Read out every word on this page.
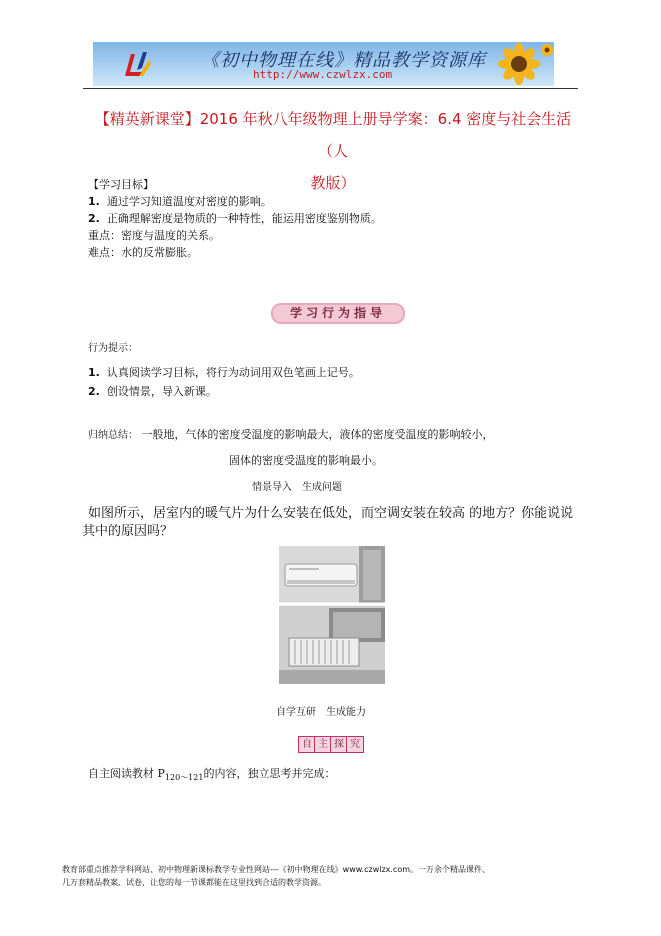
《初中物理在线》精品教学资源库
http://www.czwlzx.com
【精英新课堂】2016 年秋八年级物理上册导学案：6.4 密度与社会生活（人
教版）
【学习目标】
1. 通过学习知道温度对密度的影响。
2. 正确理解密度是物质的一种特性，能运用密度鉴别物质。
重点：密度与温度的关系。
难点：水的反常膨胀。
学习行为指导
行为提示：
1. 认真阅读学习目标，将行为动词用双色笔画上记号。
2. 创设情景，导入新课。
归纳总结： 一般地，气体的密度受温度的影响最大，液体的密度受温度的影响较小，
固体的密度受温度的影响最小。
情景导入　生成问题
如图所示，居室内的暖气片为什么安装在低处，而空调安装在较高 的地方？你能说说
其中的原因吗？
自学互研　生成能力
自 主 探 究
自主阅读教材 $P_{120\sim 121}$的内容，独立思考并完成：
教育部重点推荐学科网站、初中物理新课标教学专业性网站---《初中物理在线》www.czwlzx.com。一万余个精品课件、
几万套精品教案、试卷，让您的每一节课都能在这里找到合适的教学资源。
